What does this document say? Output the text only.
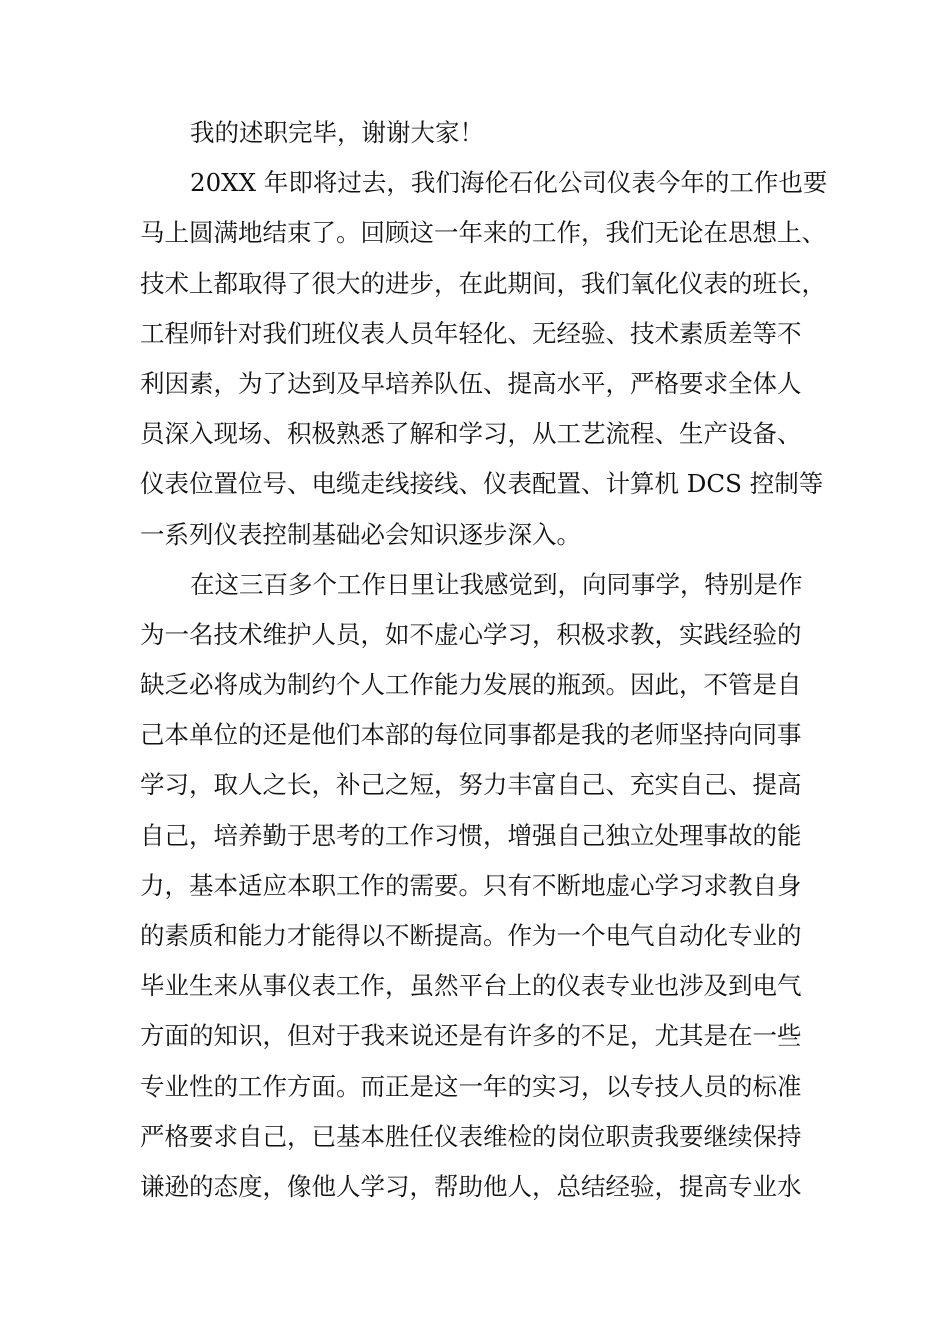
我的述职完毕，谢谢大家！
20XX 年即将过去，我们海伦石化公司仪表今年的工作也要
马上圆满地结束了。回顾这一年来的工作，我们无论在思想上、
技术上都取得了很大的进步，在此期间，我们氧化仪表的班长，
工程师针对我们班仪表人员年轻化、无经验、技术素质差等不
利因素，为了达到及早培养队伍、提高水平，严格要求全体人
员深入现场、积极熟悉了解和学习，从工艺流程、生产设备、
仪表位置位号、电缆走线接线、仪表配置、计算机 DCS 控制等
一系列仪表控制基础必会知识逐步深入。
在这三百多个工作日里让我感觉到，向同事学，特别是作
为一名技术维护人员，如不虚心学习，积极求教，实践经验的
缺乏必将成为制约个人工作能力发展的瓶颈。因此，不管是自
己本单位的还是他们本部的每位同事都是我的老师坚持向同事
学习，取人之长，补己之短，努力丰富自己、充实自己、提高
自己，培养勤于思考的工作习惯，增强自己独立处理事故的能
力，基本适应本职工作的需要。只有不断地虚心学习求教自身
的素质和能力才能得以不断提高。作为一个电气自动化专业的
毕业生来从事仪表工作，虽然平台上的仪表专业也涉及到电气
方面的知识，但对于我来说还是有许多的不足，尤其是在一些
专业性的工作方面。而正是这一年的实习，以专技人员的标准
严格要求自己，已基本胜任仪表维检的岗位职责我要继续保持
谦逊的态度，像他人学习，帮助他人，总结经验，提高专业水
